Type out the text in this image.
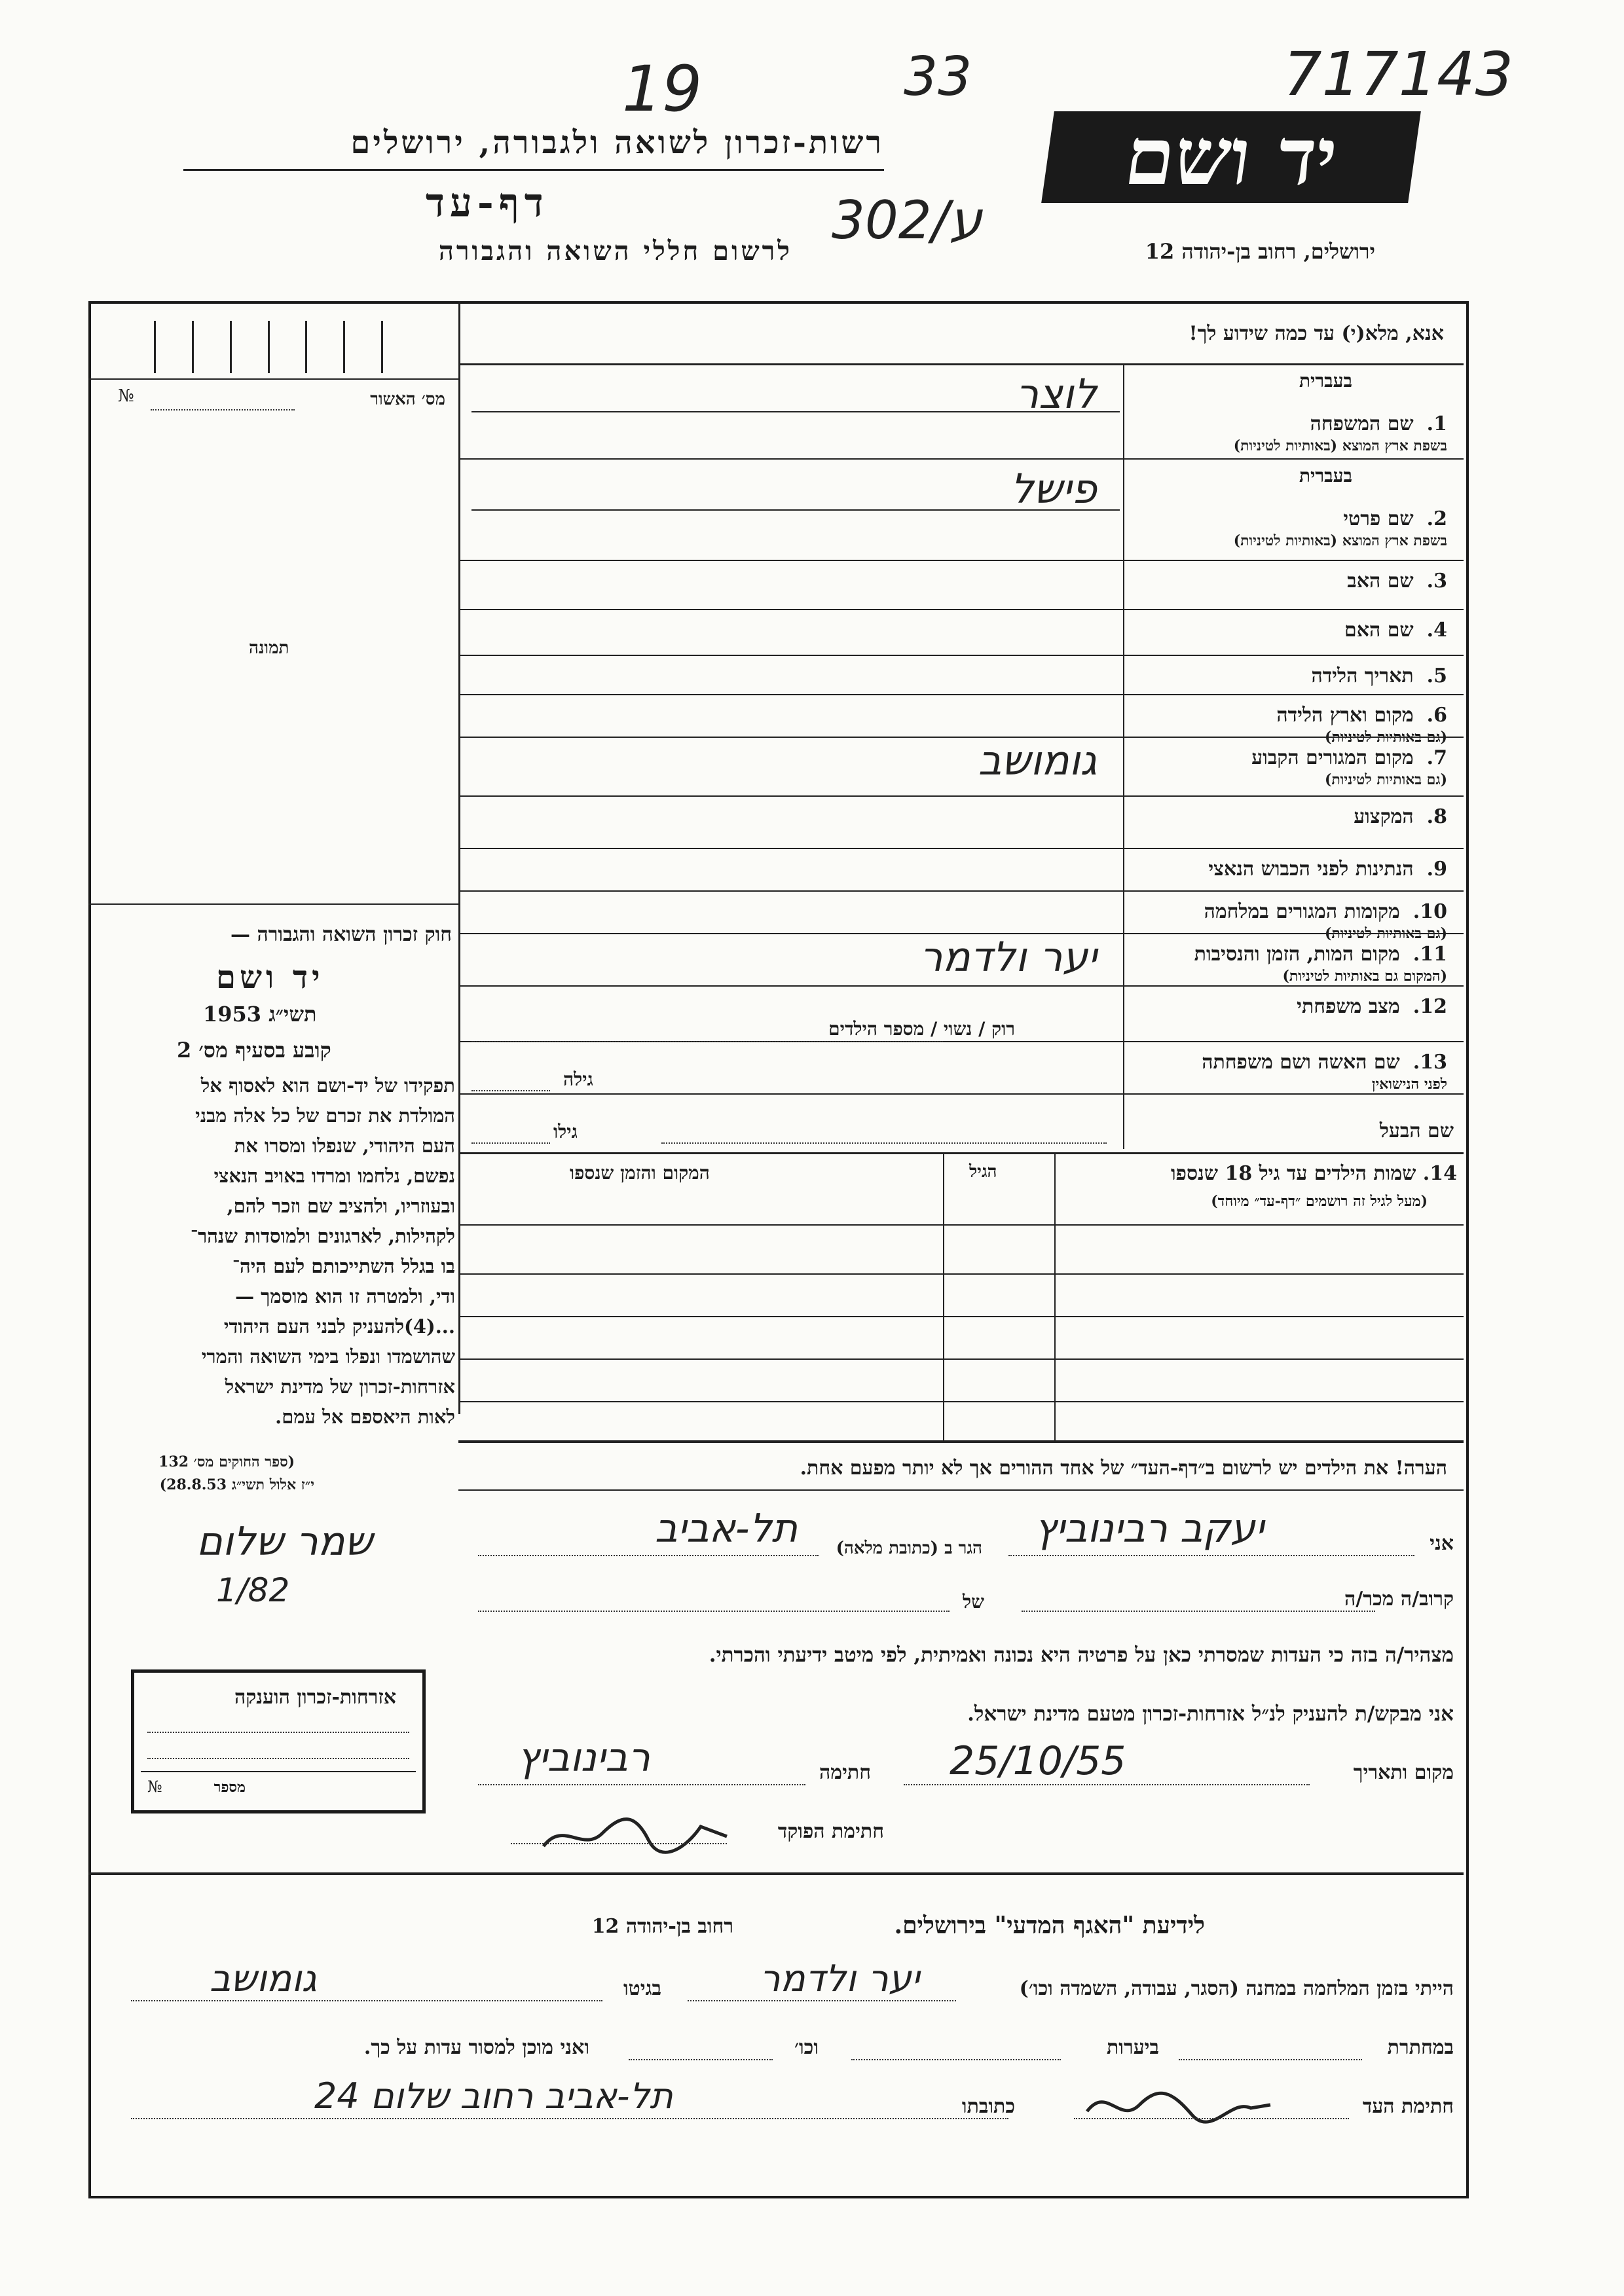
19	33	717143
302/ע
רשות-זכרון לשואה ולגבורה, ירושלים
דף-עד
לרשום חללי השואה והגבורה
יד ושם
ירושלים, רחוב בן-יהודה 12
אנא, מלא(י) עד כמה שידוע לך!
מס׳ האשור
№
תמונה
חוק זכרון השואה והגבורה —
יד ושם
תשי״ג 1953
קובע בסעיף מס׳ 2
תפקידו של יד-ושם הוא לאסוף אל
המולדת את זכרם של כל אלה מבני
העם היהודי, שנפלו ומסרו את
נפשם, נלחמו ומרדו באויב הנאצי
ובעוזריו, ולהציב שם וזכר להם,
לקהילות, לארגונים ולמוסדות שנהר־
בו בגלל השתייכותם לעם היה־
ודי, ולמטרה זו הוא מוסמך —
...(4)להעניק לבני העם היהודי
שהושמדו ונפלו בימי השואה והמרי
אזרחות-זכרון של מדינת ישראל
לאות היאספם אל עמם.
(ספר החוקים מס׳ 132
י״ז אלול תשי״ג 28.8.53)
שמר שלום
1/82
אזרחות-זכרון הוענקה
מספר
№
1.
שם המשפחה
בעברית
בשפת ארץ המוצא (באותיות לטיניות)
לוצר
2.
שם פרטי
בעברית
בשפת ארץ המוצא (באותיות לטיניות)
פישל
3.
שם האב
4.
שם האם
5.
תאריך הלידה
6.
מקום וארץ הלידה
(גם באותיות לטיניות)
7.
מקום המגורים הקבוע
(גם באותיות לטיניות)
גומושב
8.
המקצוע
9.
הנתינות לפני הכבוש הנאצי
10.
מקומות המגורים במלחמה
(גם באותיות לטיניות)
11.
מקום המות, הזמן והנסיבות
(המקום גם באותיות לטיניות)
יער ולדמר
12.
מצב משפחתי
13.
שם האשה ושם משפחתה
לפני הנישואין
רוק / נשוי / מספר הילדים
גילה
שם הבעל
גילו
14. שמות הילדים עד גיל 18 שנספו
(מעל לגיל זה רושמים ״דף-עד״ מיוחד)
הגיל
המקום והזמן שנספו
הערה! את הילדים יש לרשום ב״דף-העד״ של אחד ההורים אך לא יותר מפעם אחת.
אני
יעקב רבינוביץ
הגר ב (כתובת מלאה)
תל-אביב
קרוב/ה מכר/ה
של
מצהיר/ה בזה כי העדות שמסרתי כאן על פרטיה היא נכונה ואמיתית, לפי מיטב ידיעתי והכרתי.
אני מבקש/ת להעניק לנ״ל אזרחות-זכרון מטעם מדינת ישראל.
מקום ותאריך
25/10/55
חתימה
רבינוביץ
חתימת הפוקד
לידיעת "האגף המדעי" בירושלים.
רחוב בן-יהודה 12
הייתי בזמן המלחמה במחנה (הסגר, עבודה, השמדה וכו׳)
יער ולדמר
בגיטו
גומושב
במחתרת
ביערות
וכו׳
ואני מוכן למסור עדות על כך.
חתימת העד
כתובתו
תל-אביב רחוב שלום 24
